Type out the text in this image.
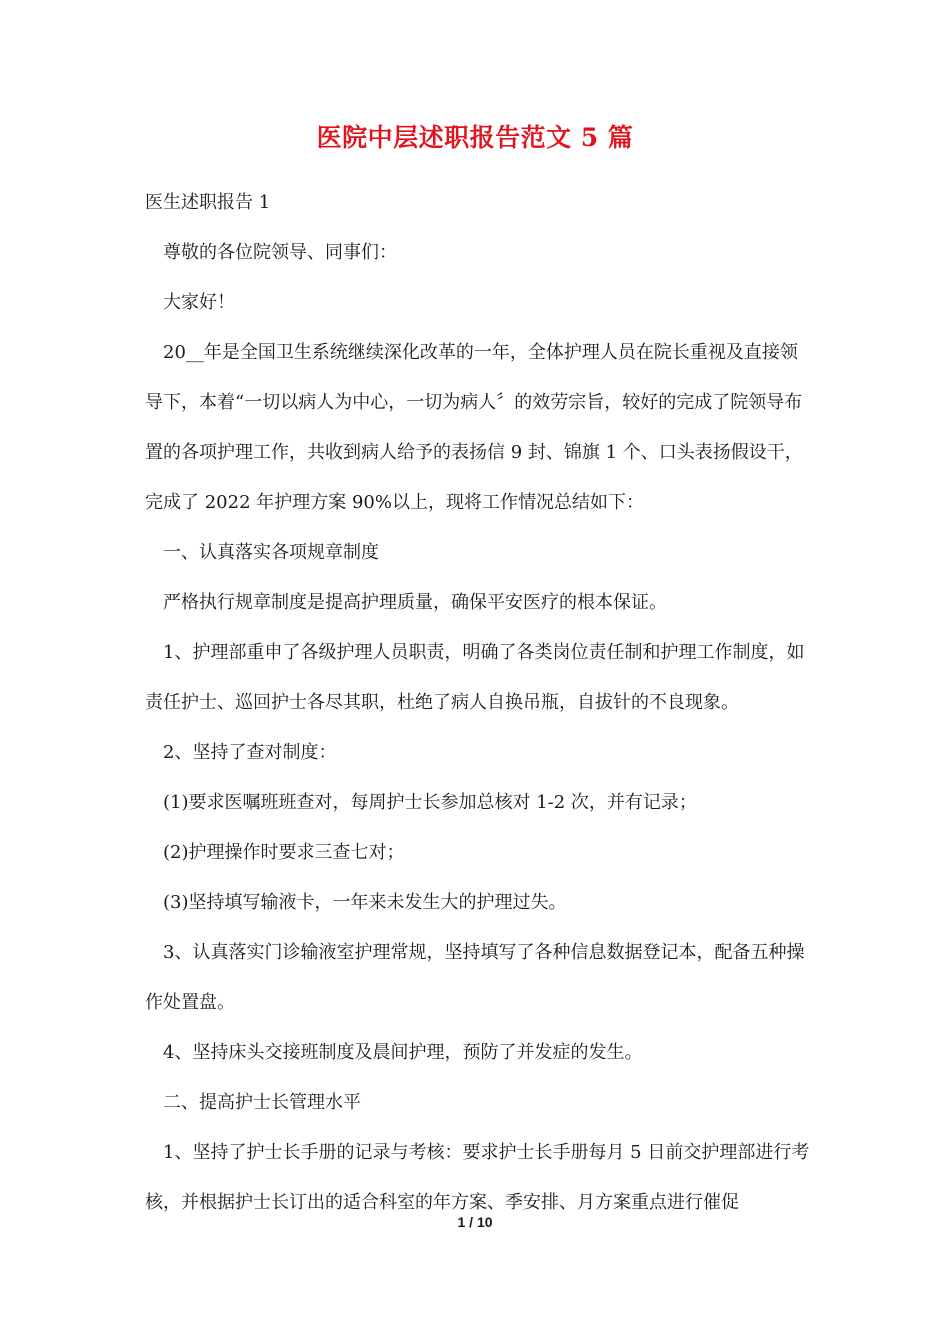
医院中层述职报告范文 5 篇

医生述职报告 1

尊敬的各位院领导、同事们：

大家好！

20__年是全国卫生系统继续深化改革的一年，全体护理人员在院长重视及直接领导下，本着“一切以病人为中心，一切为病人〞的效劳宗旨，较好的完成了院领导布置的各项护理工作，共收到病人给予的表扬信 9 封、锦旗 1 个、口头表扬假设干，完成了 2022 年护理方案 90%以上，现将工作情况总结如下：

一、认真落实各项规章制度

严格执行规章制度是提高护理质量，确保平安医疗的根本保证。

1、护理部重申了各级护理人员职责，明确了各类岗位责任制和护理工作制度，如责任护士、巡回护士各尽其职，杜绝了病人自换吊瓶，自拔针的不良现象。

2、坚持了查对制度：

(1)要求医嘱班班查对，每周护士长参加总核对 1-2 次，并有记录；

(2)护理操作时要求三查七对；

(3)坚持填写输液卡，一年来未发生大的护理过失。

3、认真落实门诊输液室护理常规，坚持填写了各种信息数据登记本，配备五种操作处置盘。

4、坚持床头交接班制度及晨间护理，预防了并发症的发生。

二、提高护士长管理水平

1、坚持了护士长手册的记录与考核：要求护士长手册每月 5 日前交护理部进行考核，并根据护士长订出的适合科室的年方案、季安排、月方案重点进行催促

1 / 10
